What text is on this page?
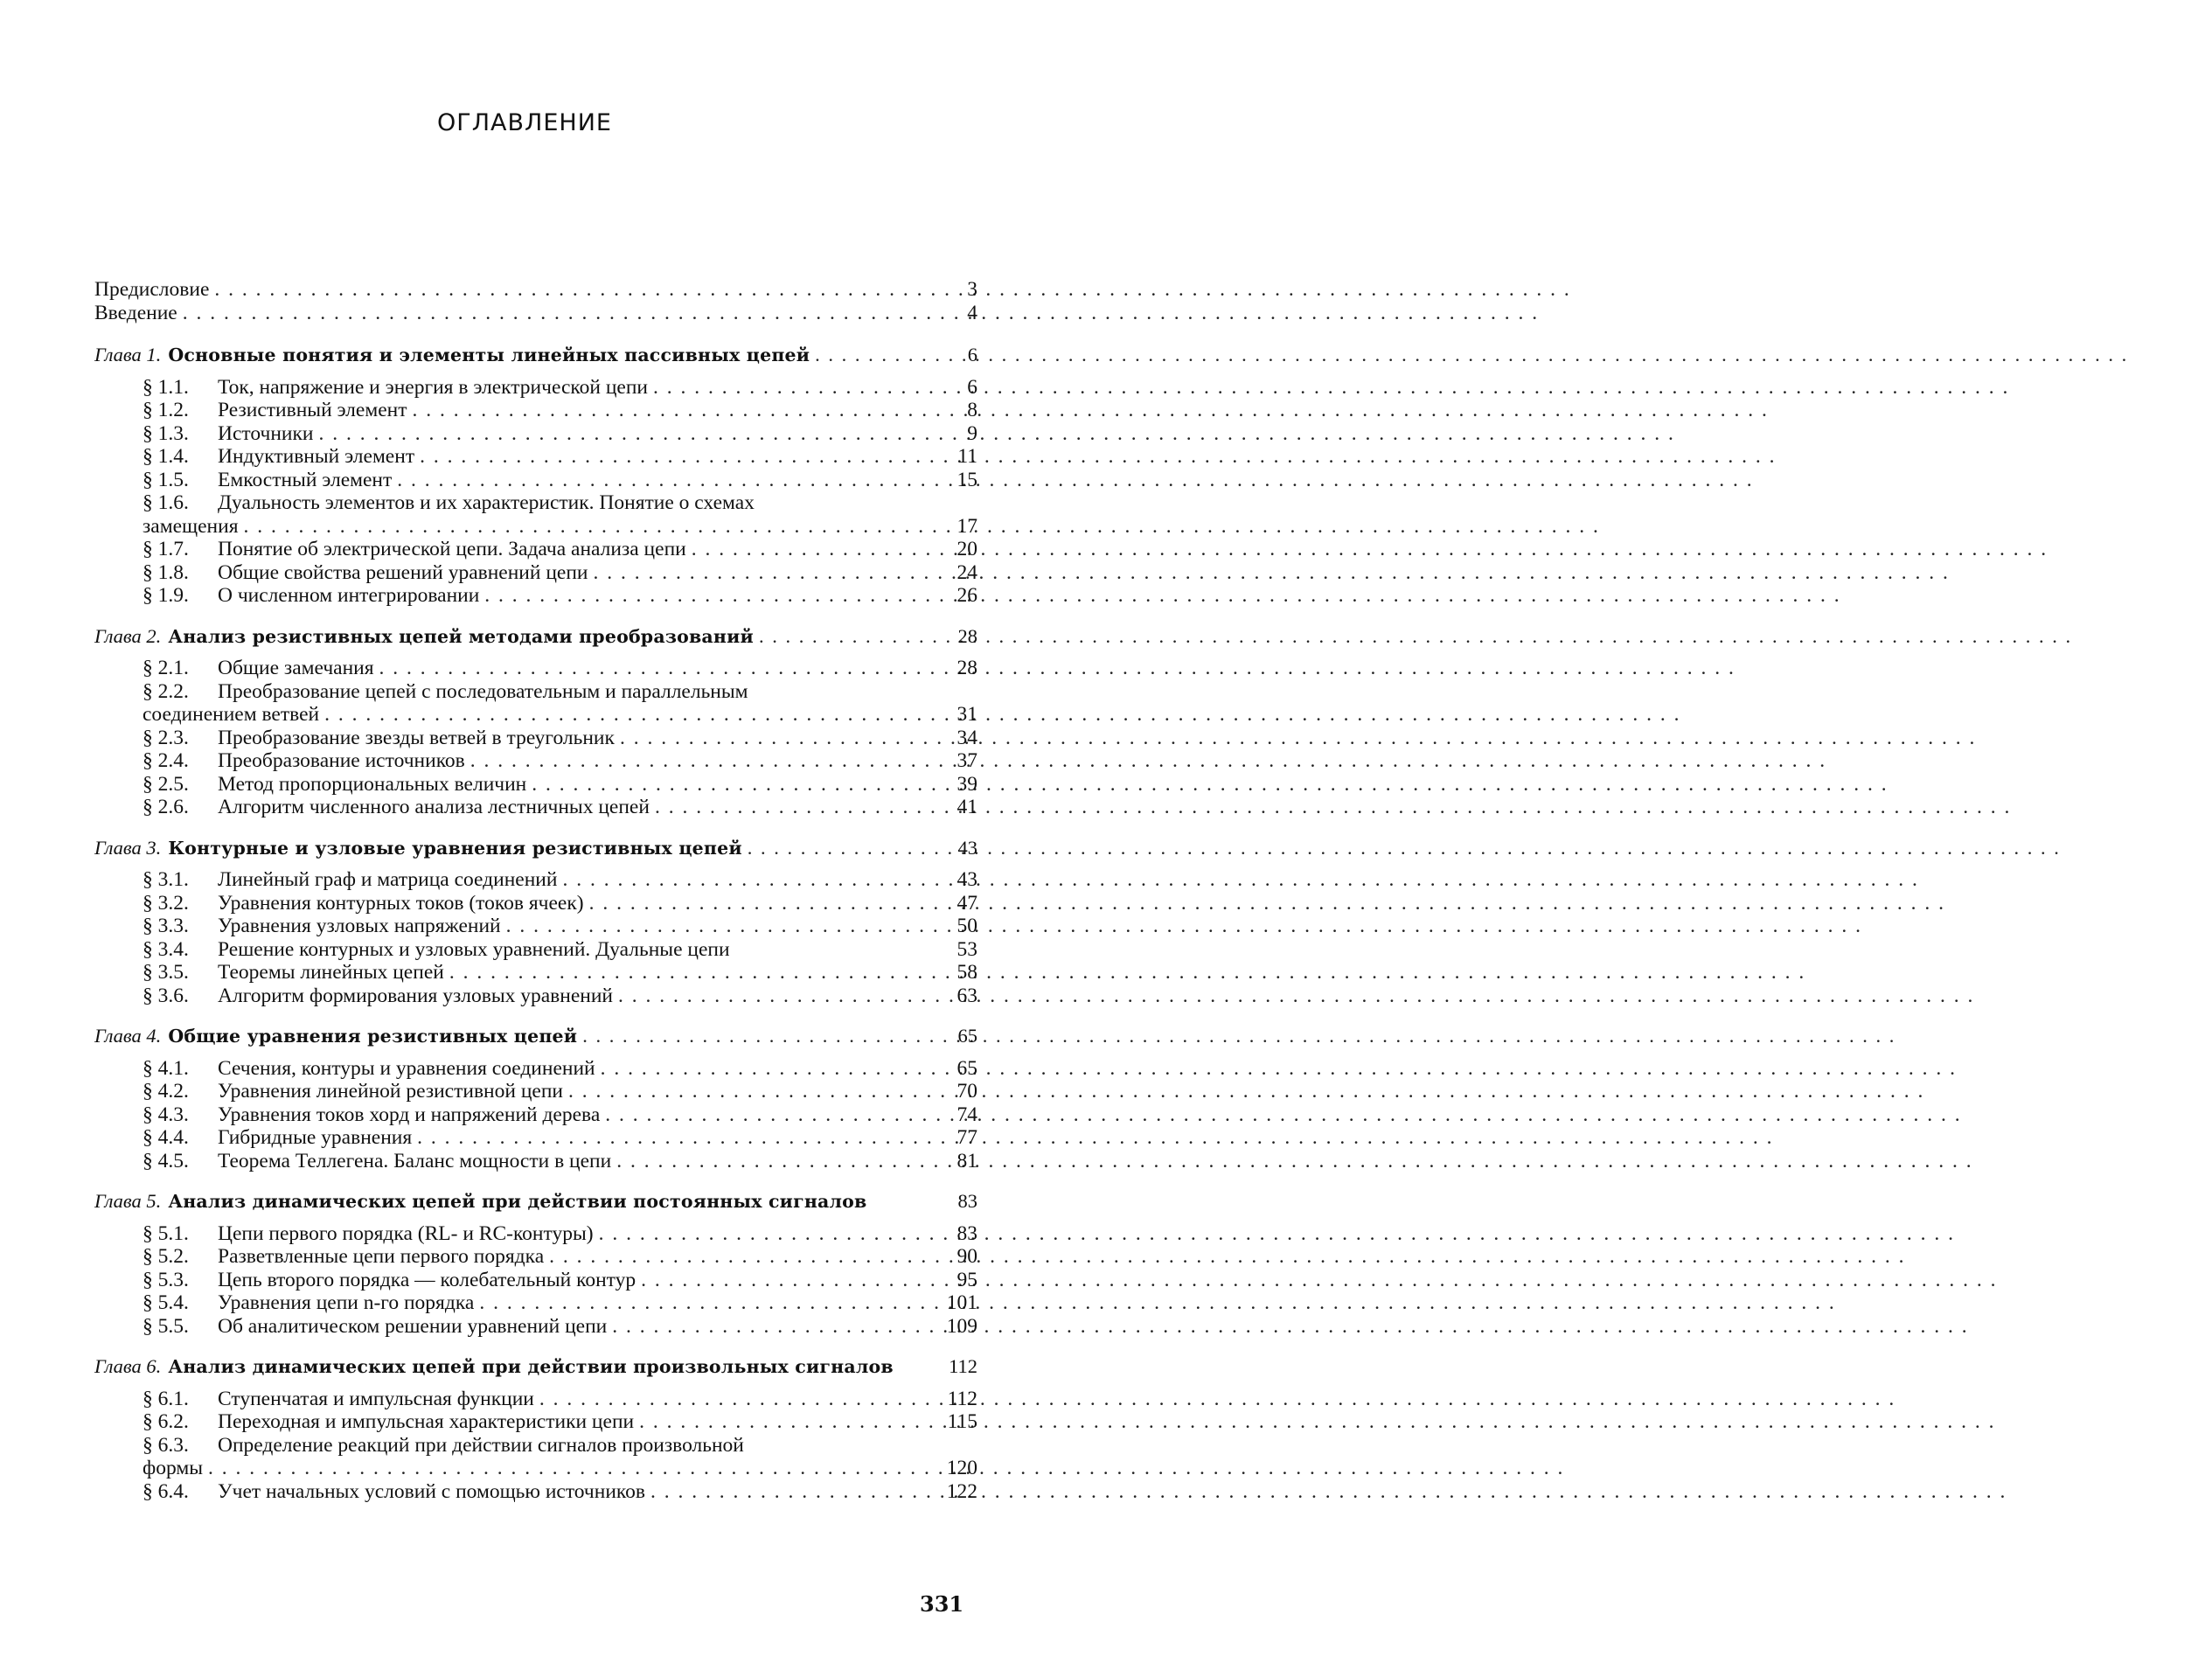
ОГЛАВЛЕНИЕ
Предисловие . . .	3
Введение . . .	4
Глава 1. Основные понятия и элементы линейных пассивных цепей . . .	6
§ 1.1.	Ток, напряжение и энергия в электрической цепи . . .	6
§ 1.2.	Резистивный элемент . . .	8
§ 1.3.	Источники . . .	9
§ 1.4.	Индуктивный элемент . . .	11
§ 1.5.	Емкостный элемент . . .	15
§ 1.6.	Дуальность элементов и их характеристик. Понятие о схемах
замещения . . .	17
§ 1.7.	Понятие об электрической цепи. Задача анализа цепи . . .	20
§ 1.8.	Общие свойства решений уравнений цепи . . .	24
§ 1.9.	О численном интегрировании . . .	26
Глава 2. Анализ резистивных цепей методами преобразований . . .	28
§ 2.1.	Общие замечания . . .	28
§ 2.2.	Преобразование цепей с последовательным и параллельным
соединением ветвей . . .	31
§ 2.3.	Преобразование звезды ветвей в треугольник . . .	34
§ 2.4.	Преобразование источников . . .	37
§ 2.5.	Метод пропорциональных величин . . .	39
§ 2.6.	Алгоритм численного анализа лестничных цепей . . .	41
Глава 3. Контурные и узловые уравнения резистивных цепей . . .	43
§ 3.1.	Линейный граф и матрица соединений . . .	43
§ 3.2.	Уравнения контурных токов (токов ячеек) . . .	47
§ 3.3.	Уравнения узловых напряжений . . .	50
§ 3.4.	Решение контурных и узловых уравнений. Дуальные цепи	53
§ 3.5.	Теоремы линейных цепей . . .	58
§ 3.6.	Алгоритм формирования узловых уравнений . . .	63
Глава 4. Общие уравнения резистивных цепей . . .	65
§ 4.1.	Сечения, контуры и уравнения соединений . . .	65
§ 4.2.	Уравнения линейной резистивной цепи . . .	70
§ 4.3.	Уравнения токов хорд и напряжений дерева . . .	74
§ 4.4.	Гибридные уравнения . . .	77
§ 4.5.	Теорема Теллегена. Баланс мощности в цепи . . .	81
Глава 5. Анализ динамических цепей при действии постоянных сигналов	83
§ 5.1.	Цепи первого порядка (RL- и RC-контуры) . . .	83
§ 5.2.	Разветвленные цепи первого порядка . . .	90
§ 5.3.	Цепь второго порядка — колебательный контур . . .	95
§ 5.4.	Уравнения цепи n-го порядка . . .	101
§ 5.5.	Об аналитическом решении уравнений цепи . . .	109
Глава 6. Анализ динамических цепей при действии произвольных сигналов	112
§ 6.1.	Ступенчатая и импульсная функции . . .	112
§ 6.2.	Переходная и импульсная характеристики цепи . . .	115
§ 6.3.	Определение реакций при действии сигналов произвольной
формы . . .	120
§ 6.4.	Учет начальных условий с помощью источников . . .	122
331
